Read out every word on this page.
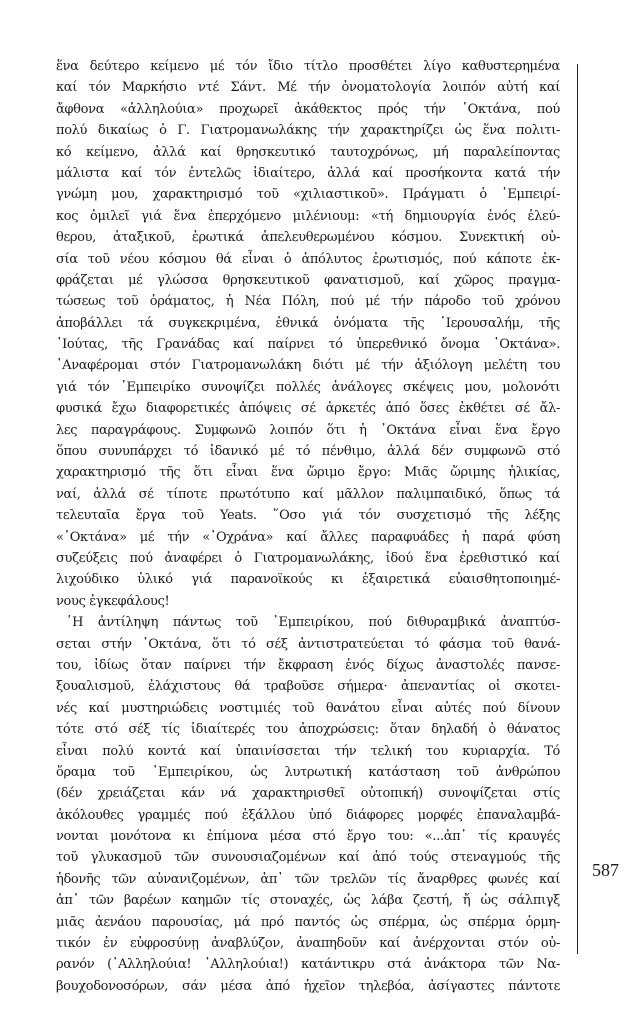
ἕνα δεύτερο κείμενο μέ τόν ἴδιο τίτλο προσθέτει λίγο καθυστερημένα
καί τόν Μαρκήσιο ντέ Σάντ. Μέ τήν ὀνοματολογία λοιπόν αὐτή καί
ἄφθονα «ἀλληλούια» προχωρεῖ ἀκάθεκτος πρός τήν ᾽Οκτάνα, πού
πολύ δικαίως ὁ Γ. Γιατρομανωλάκης τήν χαρακτηρίζει ὡς ἕνα πολιτι-
κό κείμενο, ἀλλά καί θρησκευτικό ταυτοχρόνως, μή παραλείποντας
μάλιστα καί τόν ἐντελῶς ἰδιαίτερο, ἀλλά καί προσήκοντα κατά τήν
γνώμη μου, χαρακτηρισμό τοῦ «χιλιαστικοῦ». Πράγματι ὁ ᾽Εμπειρί-
κος ὁμιλεῖ γιά ἕνα ἐπερχόμενο μιλένιουμ: «τή δημιουργία ἑνός ἐλεύ-
θερου, ἀταξικοῦ, ἐρωτικά ἀπελευθερωμένου κόσμου. Συνεκτική οὐ-
σία τοῦ νέου κόσμου θά εἶναι ὁ ἀπόλυτος ἐρωτισμός, πού κάποτε ἐκ-
φράζεται μέ γλώσσα θρησκευτικοῦ φανατισμοῦ, καί χῶρος πραγμα-
τώσεως τοῦ ὁράματος, ἡ Νέα Πόλη, πού μέ τήν πάροδο τοῦ χρόνου
ἀποβάλλει τά συγκεκριμένα, ἐθνικά ὀνόματα τῆς ῾Ιερουσαλήμ, τῆς
᾽Ιούτας, τῆς Γρανάδας καί παίρνει τό ὑπερεθνικό ὄνομα ᾽Οκτάνα».
᾽Αναφέρομαι στόν Γιατρομανωλάκη διότι μέ τήν ἀξιόλογη μελέτη του
γιά τόν ᾽Εμπειρίκο συνοψίζει πολλές ἀνάλογες σκέψεις μου, μολονότι
φυσικά ἔχω διαφορετικές ἀπόψεις σέ ἀρκετές ἀπό ὅσες ἐκθέτει σέ ἄλ-
λες παραγράφους. Συμφωνῶ λοιπόν ὅτι ἡ ᾽Οκτάνα εἶναι ἕνα ἔργο
ὅπου συνυπάρχει τό ἰδανικό μέ τό πένθιμο, ἀλλά δέν συμφωνῶ στό
χαρακτηρισμό τῆς ὅτι εἶναι ἕνα ὥριμο ἔργο: Μιᾶς ὥριμης ἡλικίας,
ναί, ἀλλά σέ τίποτε πρωτότυπο καί μᾶλλον παλιμπαιδικό, ὅπως τά
τελευταῖα ἔργα τοῦ Yeats. ῞Οσο γιά τόν συσχετισμό τῆς λέξης
«᾽Οκτάνα» μέ τήν «᾽Οχράνα» καί ἄλλες παραφυάδες ἡ παρά φύση
συζεύξεις πού ἀναφέρει ὁ Γιατρομανωλάκης, ἰδού ἕνα ἐρεθιστικό καί
λιχούδικο ὑλικό γιά παρανοϊκούς κι ἐξαιρετικά εὐαισθητοποιημέ-
νους ἐγκεφάλους!
῾Η ἀντίληψη πάντως τοῦ ᾽Εμπειρίκου, πού διθυραμβικά ἀναπτύσ-
σεται στήν ᾽Οκτάνα, ὅτι τό σέξ ἀντιστρατεύεται τό φάσμα τοῦ θανά-
του, ἰδίως ὅταν παίρνει τήν ἔκφραση ἑνός δίχως ἀναστολές πανσε-
ξουαλισμοῦ, ἐλάχιστους θά τραβοῦσε σήμερα· ἀπεναντίας οἱ σκοτει-
νές καί μυστηριώδεις νοστιμιές τοῦ θανάτου εἶναι αὐτές πού δίνουν
τότε στό σέξ τίς ἰδιαίτερές του ἀποχρώσεις: ὅταν δηλαδή ὁ θάνατος
εἶναι πολύ κοντά καί ὑπαινίσσεται τήν τελική του κυριαρχία. Τό
ὅραμα τοῦ ᾽Εμπειρίκου, ὡς λυτρωτική κατάσταση τοῦ ἀνθρώπου
(δέν χρειάζεται κάν νά χαρακτηρισθεῖ οὐτοπική) συνοψίζεται στίς
ἀκόλουθες γραμμές πού ἐξάλλου ὑπό διάφορες μορφές ἐπαναλαμβά-
νονται μονότονα κι ἐπίμονα μέσα στό ἔργο του: «...ἀπ᾽ τίς κραυγές
τοῦ γλυκασμοῦ τῶν συνουσιαζομένων καί ἀπό τούς στεναγμούς τῆς
ἡδονῆς τῶν αὐνανιζομένων, ἀπ᾽ τῶν τρελῶν τίς ἄναρθρες φωνές καί
ἀπ᾽ τῶν βαρέων καημῶν τίς στοναχές, ὡς λάβα ζεστή, ἤ ὡς σάλπιγξ
μιᾶς ἀενάου παρουσίας, μά πρό παντός ὡς σπέρμα, ὡς σπέρμα ὁρμη-
τικόν ἐν εὐφροσύνῃ ἀναβλύζον, ἀναπηδοῦν καί ἀνέρχονται στόν οὐ-
ρανόν (᾽Αλληλούια! ᾽Αλληλούια!) κατάντικρυ στά ἀνάκτορα τῶν Να-
βουχοδονοσόρων, σάν μέσα ἀπό ἠχεῖον τηλεβόα, ἀσίγαστες πάντοτε
587
